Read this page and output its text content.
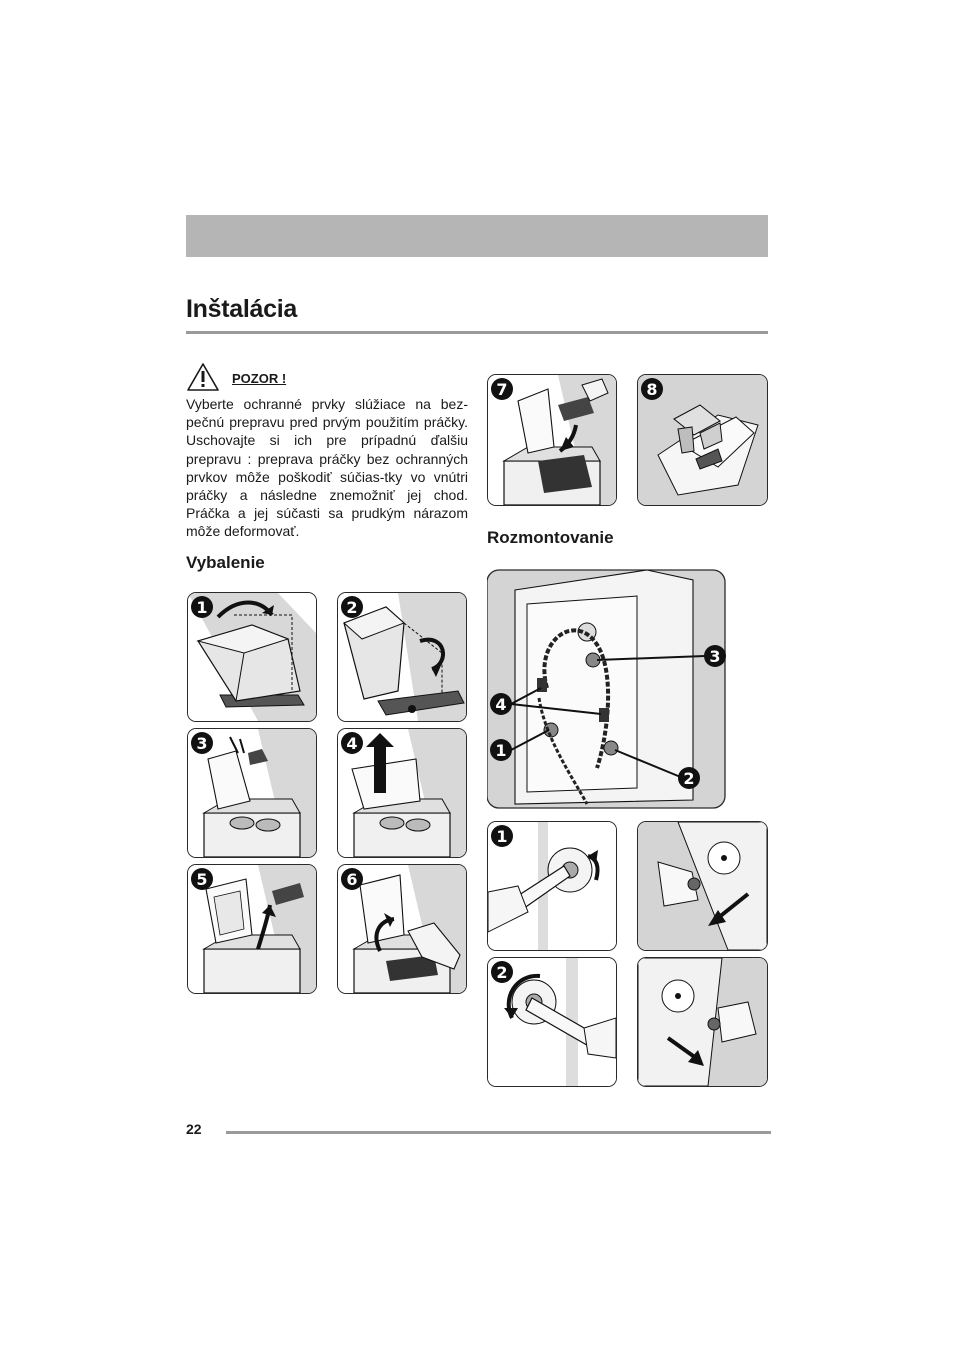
Inštalácia
POZOR !
Vyberte ochranné prvky slúžiace na bez-pečnú prepravu pred prvým použitím práčky. Uschovajte si ich pre prípadnú ďalšiu prepravu : preprava práčky bez ochranných prvkov môže poškodiť súčias-tky vo vnútri práčky a následne znemožniť jej chod. Práčka a jej súčasti sa prudkým nárazom môže deformovať.
Vybalenie
Rozmontovanie
1	2
3	4
5	6
7	8
3
4
1
2
1
2
22
